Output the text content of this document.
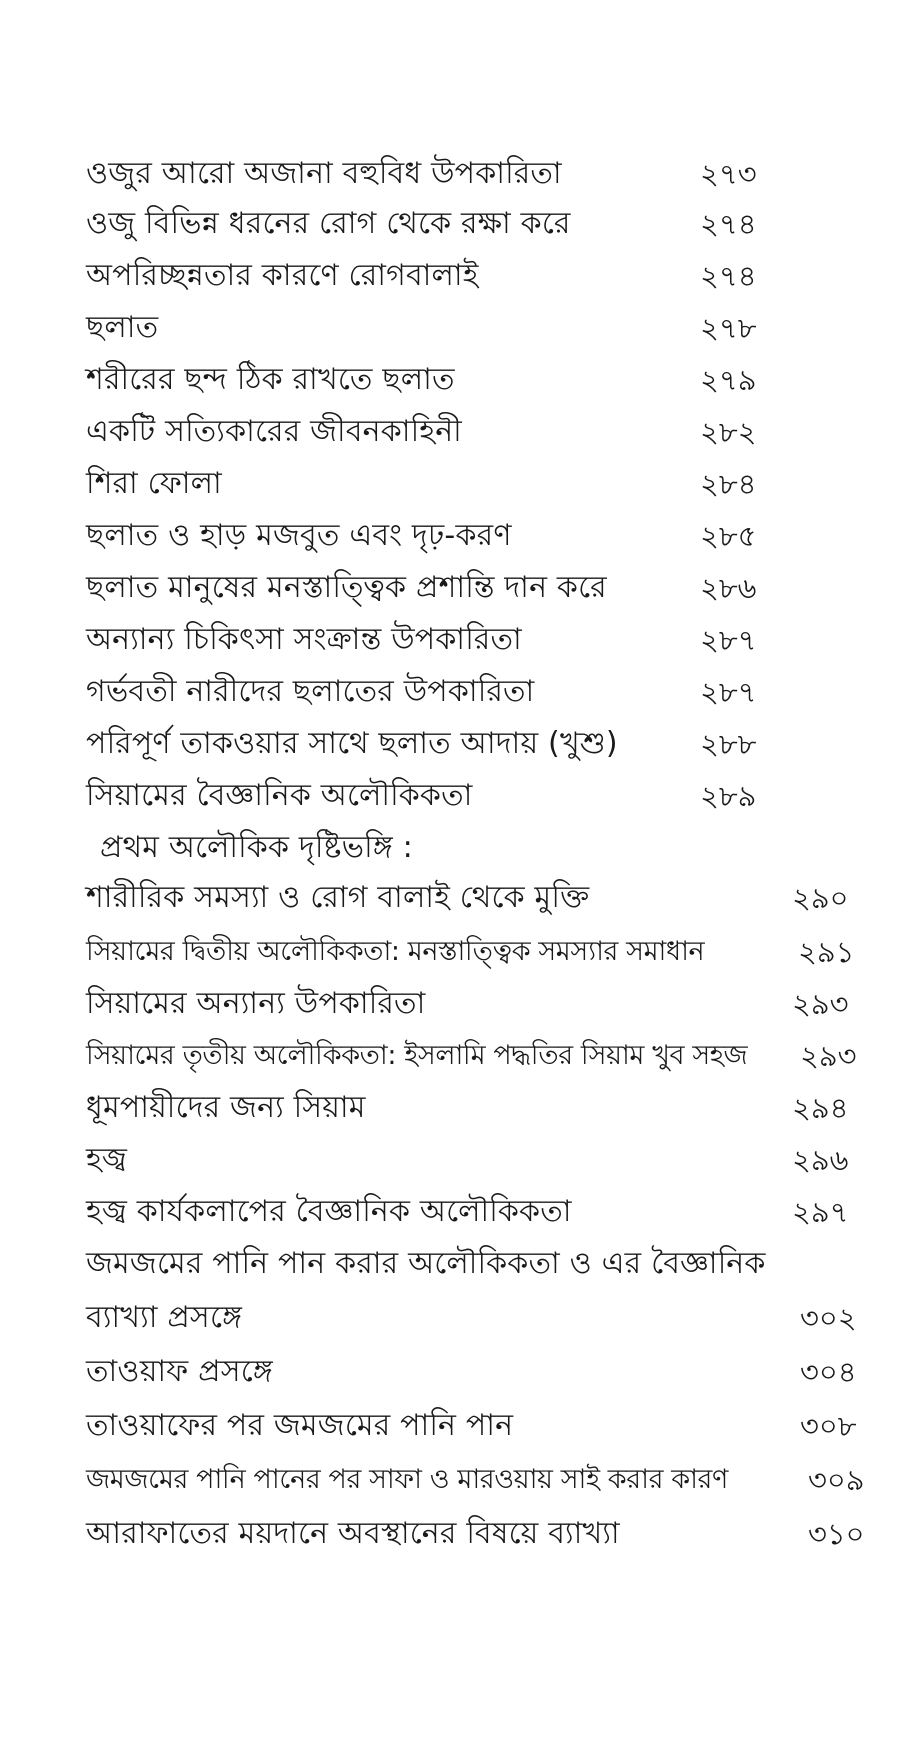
ওজুর আরো অজানা বহুবিধ উপকারিতা	২৭৩
ওজু বিভিন্ন ধরনের রোগ থেকে রক্ষা করে	২৭৪
অপরিচ্ছন্নতার কারণে রোগবালাই	২৭৪
ছলাত	২৭৮
শরীরের ছন্দ ঠিক রাখতে ছলাত	২৭৯
একটি সত্যিকারের জীবনকাহিনী	২৮২
শিরা ফোলা	২৮৪
ছলাত ও হাড় মজবুত এবং দৃঢ়-করণ	২৮৫
ছলাত মানুষের মনস্তাত্ত্বিক প্রশান্তি দান করে	২৮৬
অন্যান্য চিকিৎসা সংক্রান্ত উপকারিতা	২৮৭
গর্ভবতী নারীদের ছলাতের উপকারিতা	২৮৭
পরিপূর্ণ তাকওয়ার সাথে ছলাত আদায় (খুশু)	২৮৮
সিয়ামের বৈজ্ঞানিক অলৌকিকতা	২৮৯
প্রথম অলৌকিক দৃষ্টিভঙ্গি :
শারীরিক সমস্যা ও রোগ বালাই থেকে মুক্তি	২৯০
সিয়ামের দ্বিতীয় অলৌকিকতা: মনস্তাত্ত্বিক সমস্যার সমাধান	২৯১
সিয়ামের অন্যান্য উপকারিতা	২৯৩
সিয়ামের তৃতীয় অলৌকিকতা: ইসলামি পদ্ধতির সিয়াম খুব সহজ ২৯৩
ধূমপায়ীদের জন্য সিয়াম	২৯৪
হজ্ব	২৯৬
হজ্ব কার্যকলাপের বৈজ্ঞানিক অলৌকিকতা	২৯৭
জমজমের পানি পান করার অলৌকিকতা ও এর বৈজ্ঞানিক
ব্যাখ্যা প্রসঙ্গে	৩০২
তাওয়াফ প্রসঙ্গে	৩০৪
তাওয়াফের পর জমজমের পানি পান	৩০৮
জমজমের পানি পানের পর সাফা ও মারওয়ায় সাই করার কারণ	৩০৯
আরাফাতের ময়দানে অবস্থানের বিষয়ে ব্যাখ্যা	৩১০
